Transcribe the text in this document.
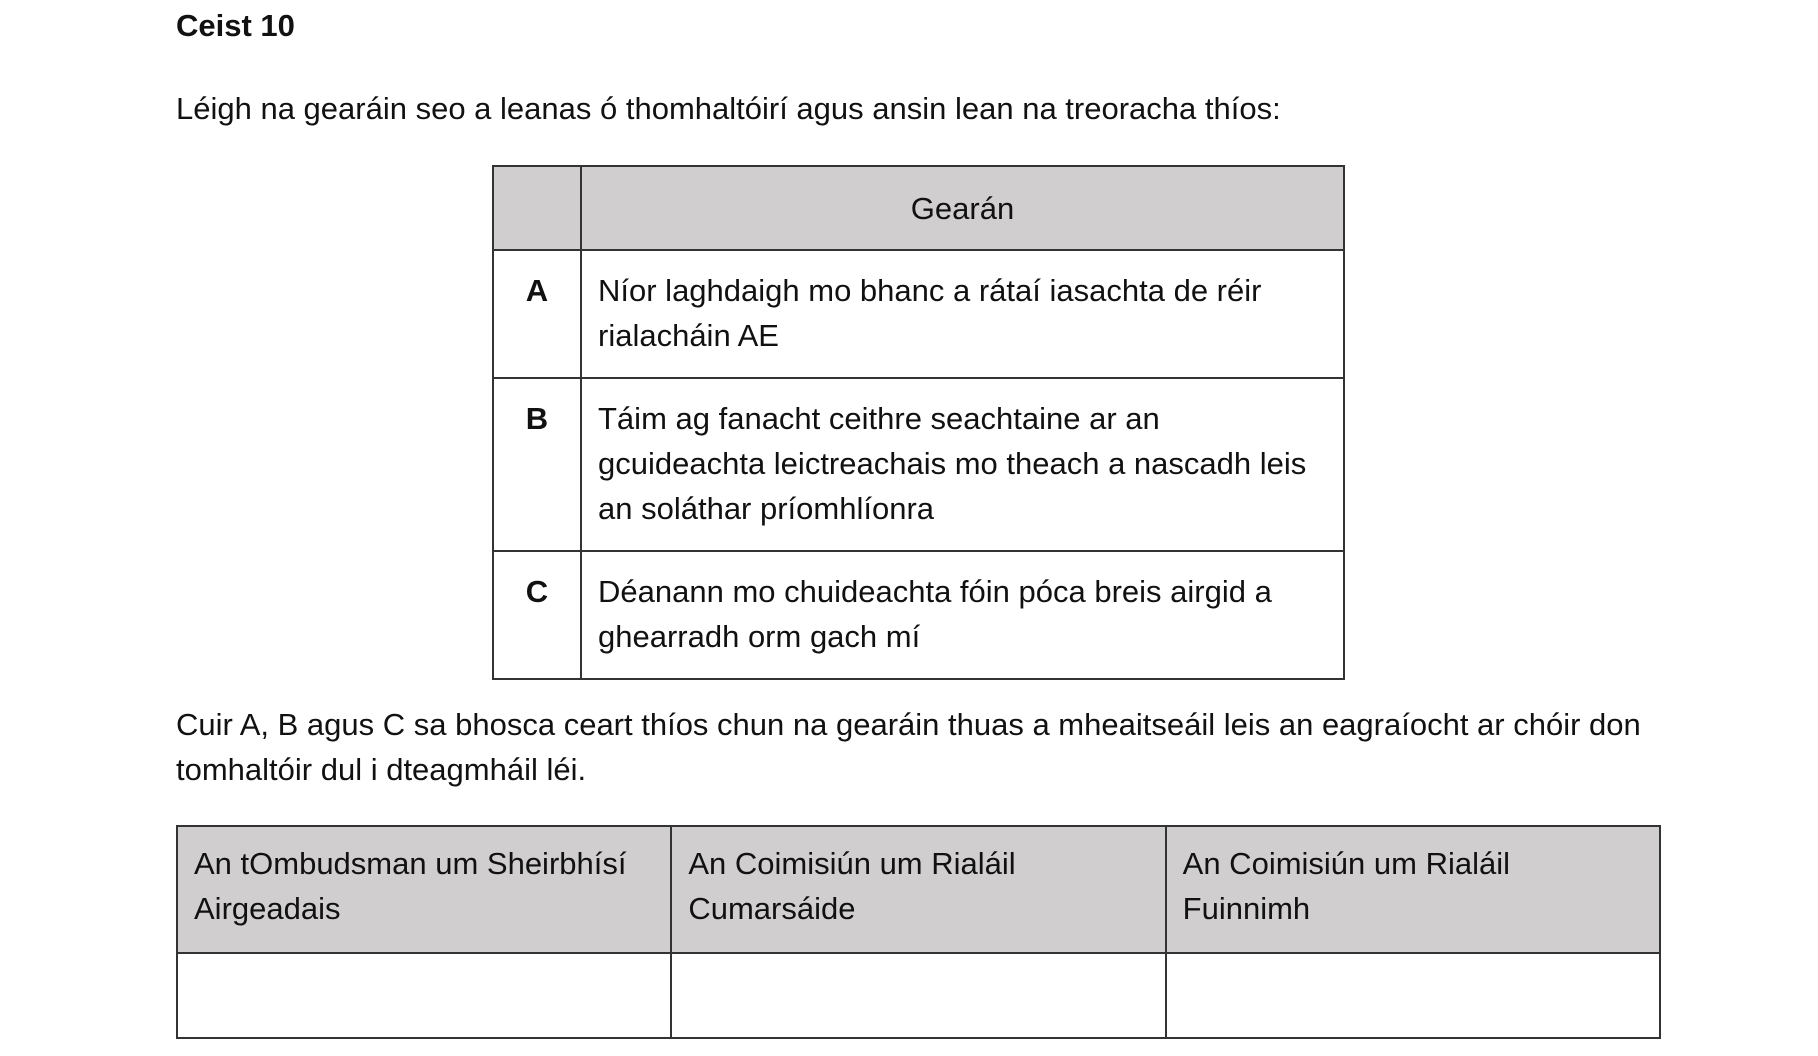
Ceist 10
Léigh na gearáin seo a leanas ó thomhaltóirí agus ansin lean na treoracha thíos:
	Gearán
A	Níor laghdaigh mo bhanc a rátaí iasachta de réir rialacháin AE
B	Táim ag fanacht ceithre seachtaine ar an gcuideachta leictreachais mo theach a nascadh leis an soláthar príomhlíonra
C	Déanann mo chuideachta fóin póca breis airgid a ghearradh orm gach mí
Cuir A, B agus C sa bhosca ceart thíos chun na gearáin thuas a mheaitseáil leis an eagraíocht ar chóir don tomhaltóir dul i dteagmháil léi.
An tOmbudsman um Sheirbhísí Airgeadais	An Coimisiún um Rialáil Cumarsáide	An Coimisiún um Rialáil Fuinnimh
